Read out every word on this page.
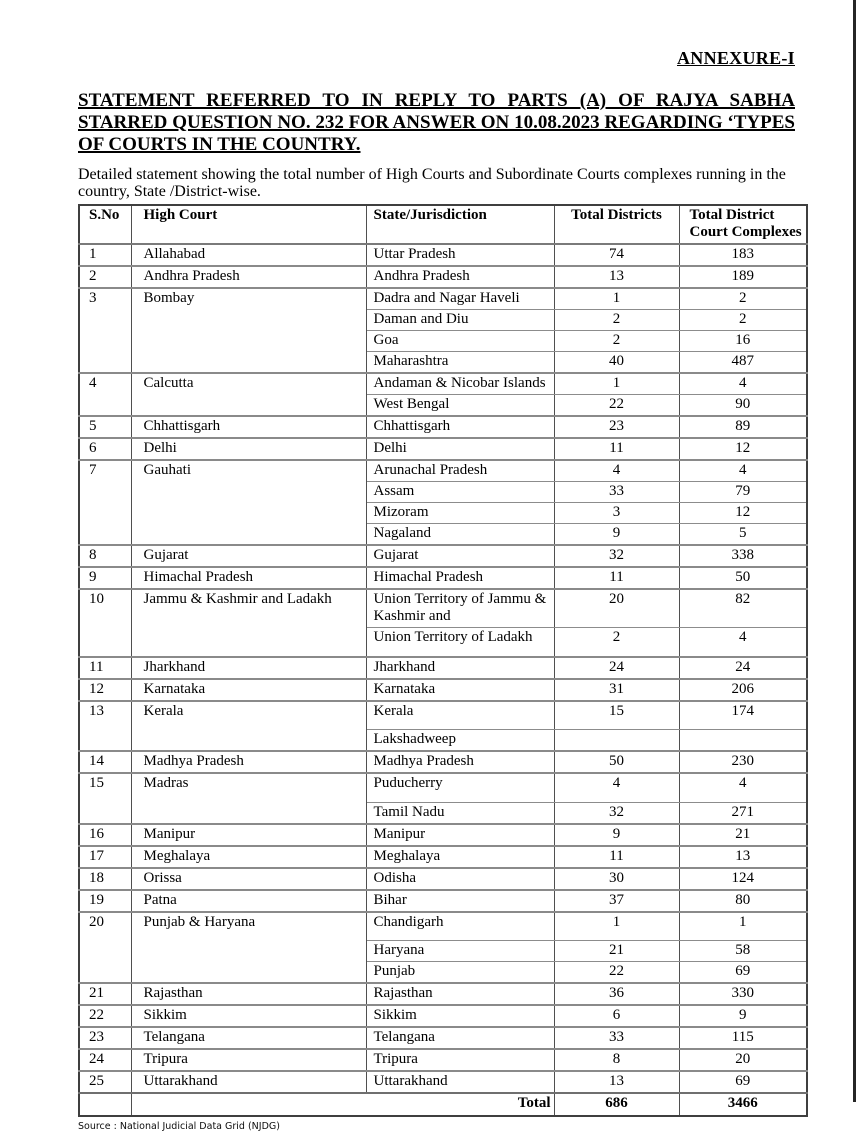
ANNEXURE-I
STATEMENT REFERRED TO IN REPLY TO PARTS (A) OF RAJYA SABHA
STARRED QUESTION NO. 232 FOR ANSWER ON 10.08.2023 REGARDING ‘TYPES
OF COURTS IN THE COUNTRY.

Detailed statement showing the total number of High Courts and Subordinate Courts complexes running in the country, State /District-wise.

S.No	High Court	State/Jurisdiction	Total Districts	Total District Court Complexes
1	Allahabad	Uttar Pradesh	74	183
2	Andhra Pradesh	Andhra Pradesh	13	189
3	Bombay	Dadra and Nagar Haveli	1	2
		Daman and Diu	2	2
		Goa	2	16
		Maharashtra	40	487
4	Calcutta	Andaman & Nicobar Islands	1	4
		West Bengal	22	90
5	Chhattisgarh	Chhattisgarh	23	89
6	Delhi	Delhi	11	12
7	Gauhati	Arunachal Pradesh	4	4
		Assam	33	79
		Mizoram	3	12
		Nagaland	9	5
8	Gujarat	Gujarat	32	338
9	Himachal Pradesh	Himachal Pradesh	11	50
10	Jammu & Kashmir and Ladakh	Union Territory of Jammu & Kashmir and	20	82
		Union Territory of Ladakh	2	4
11	Jharkhand	Jharkhand	24	24
12	Karnataka	Karnataka	31	206
13	Kerala	Kerala	15	174
		Lakshadweep		
14	Madhya Pradesh	Madhya Pradesh	50	230
15	Madras	Puducherry	4	4
		Tamil Nadu	32	271
16	Manipur	Manipur	9	21
17	Meghalaya	Meghalaya	11	13
18	Orissa	Odisha	30	124
19	Patna	Bihar	37	80
20	Punjab & Haryana	Chandigarh	1	1
		Haryana	21	58
		Punjab	22	69
21	Rajasthan	Rajasthan	36	330
22	Sikkim	Sikkim	6	9
23	Telangana	Telangana	33	115
24	Tripura	Tripura	8	20
25	Uttarakhand	Uttarakhand	13	69
	Total		686	3466
Source : National Judicial Data Grid (NJDG)
